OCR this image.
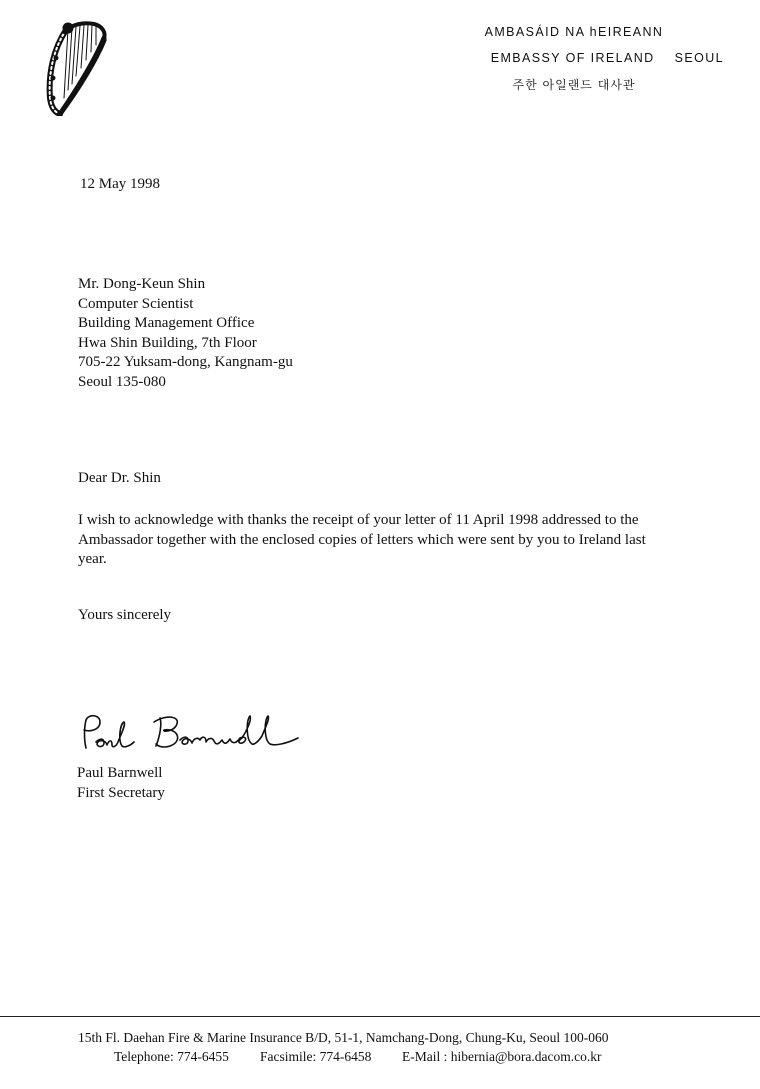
AMBASÁID NA hEIREANN
EMBASSY OF IRELAND SEOUL
주한 아일랜드 대사관
12 May 1998
Mr. Dong-Keun Shin
Computer Scientist
Building Management Office
Hwa Shin Building, 7th Floor
705-22 Yuksam-dong, Kangnam-gu
Seoul 135-080
Dear Dr. Shin
I wish to acknowledge with thanks the receipt of your letter of 11 April 1998 addressed to the Ambassador together with the enclosed copies of letters which were sent by you to Ireland last year.
Yours sincerely
Paul Barnwell
First Secretary
15th Fl. Daehan Fire & Marine Insurance B/D, 51-1, Namchang-Dong, Chung-Ku, Seoul 100-060
Telephone: 774-6455 Facsimile: 774-6458 E-Mail : hibernia@bora.dacom.co.kr
